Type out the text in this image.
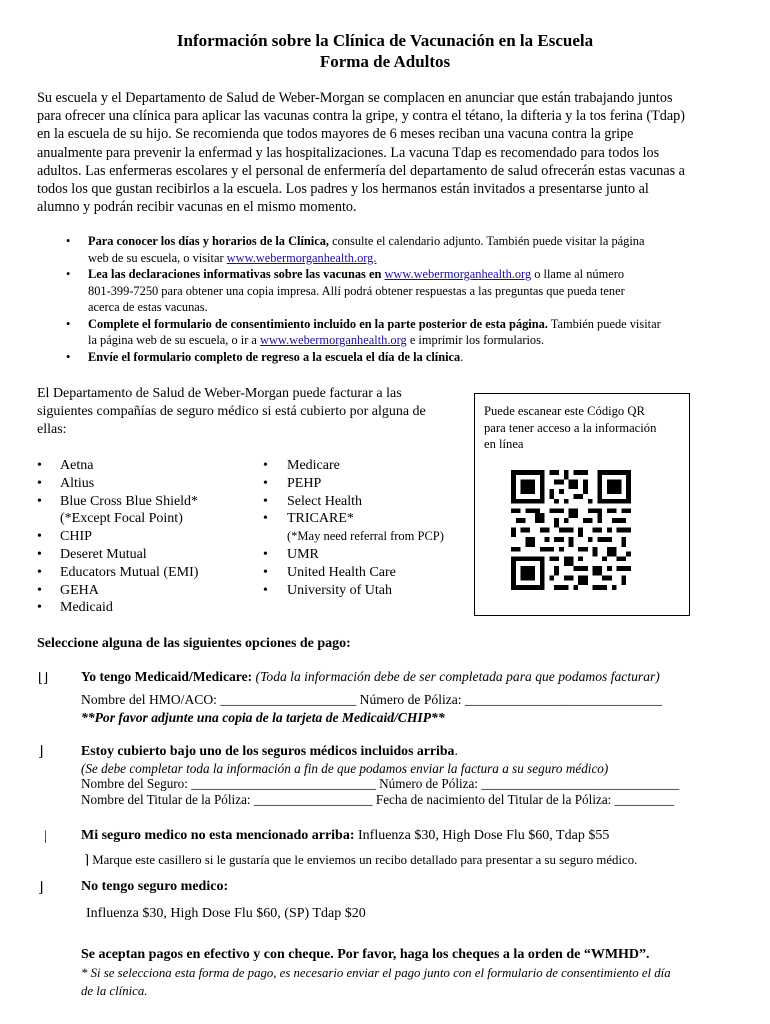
Información sobre la Clínica de Vacunación en la Escuela
Forma de Adultos
Su escuela y el Departamento de Salud de Weber-Morgan se complacen en anunciar que están trabajando juntos
para ofrecer una clínica para aplicar las vacunas contra la gripe, y contra el tétano, la difteria y la tos ferina (Tdap)
en la escuela de su hijo. Se recomienda que todos mayores de 6 meses reciban una vacuna contra la gripe
anualmente para prevenir la enfermad y las hospitalizaciones. La vacuna Tdap es recomendado para todos los
adultos. Las enfermeras escolares y el personal de enfermería del departamento de salud ofrecerán estas vacunas a
todos los que gustan recibirlos a la escuela. Los padres y los hermanos están invitados a presentarse junto al
alumno y podrán recibir vacunas en el mismo momento.
• Para conocer los días y horarios de la Clínica, consulte el calendario adjunto. También puede visitar la página
web de su escuela, o visitar www.webermorganhealth.org.
• Lea las declaraciones informativas sobre las vacunas en www.webermorganhealth.org o llame al número
801-399-7250 para obtener una copia impresa. Allí podrá obtener respuestas a las preguntas que pueda tener
acerca de estas vacunas.
• Complete el formulario de consentimiento incluido en la parte posterior de esta página. También puede visitar
la página web de su escuela, o ir a www.webermorganhealth.org e imprimir los formularios.
• Envíe el formulario completo de regreso a la escuela el día de la clínica.
El Departamento de Salud de Weber-Morgan puede facturar a las
siguientes compañías de seguro médico si está cubierto por alguna de
ellas:
• Aetna
• Altius
• Blue Cross Blue Shield*
(*Except Focal Point)
• CHIP
• Deseret Mutual
• Educators Mutual (EMI)
• GEHA
• Medicaid
• Medicare
• PEHP
• Select Health
• TRICARE*
(*May need referral from PCP)
• UMR
• United Health Care
• University of Utah
Puede escanear este Código QR
para tener acceso a la información
en línea
Seleccione alguna de las siguientes opciones de pago:
⌊⌋ Yo tengo Medicaid/Medicare: (Toda la información debe de ser completada para que podamos facturar)
Nombre del HMO/ACO: ____________________ Número de Póliza: _____________________________
**Por favor adjunte una copia de la tarjeta de Medicaid/CHIP**
⌋	Estoy cubierto bajo uno de los seguros médicos incluidos arriba.
(Se debe completar toda la información a fin de que podamos enviar la factura a su seguro médico)
Nombre del Seguro: ____________________________ Número de Póliza: ______________________________
Nombre del Titular de la Póliza: __________________ Fecha de nacimiento del Titular de la Póliza: _________
| Mi seguro medico no esta mencionado arriba: Influenza $30, High Dose Flu $60, Tdap $55
⌉ Marque este casillero si le gustaría que le enviemos un recibo detallado para presentar a su seguro médico.
⌋	No tengo seguro medico:
Influenza $30, High Dose Flu $60, (SP) Tdap $20
Se aceptan pagos en efectivo y con cheque. Por favor, haga los cheques a la orden de “WMHD”.
* Si se selecciona esta forma de pago, es necesario enviar el pago junto con el formulario de consentimiento el día
de la clínica.
